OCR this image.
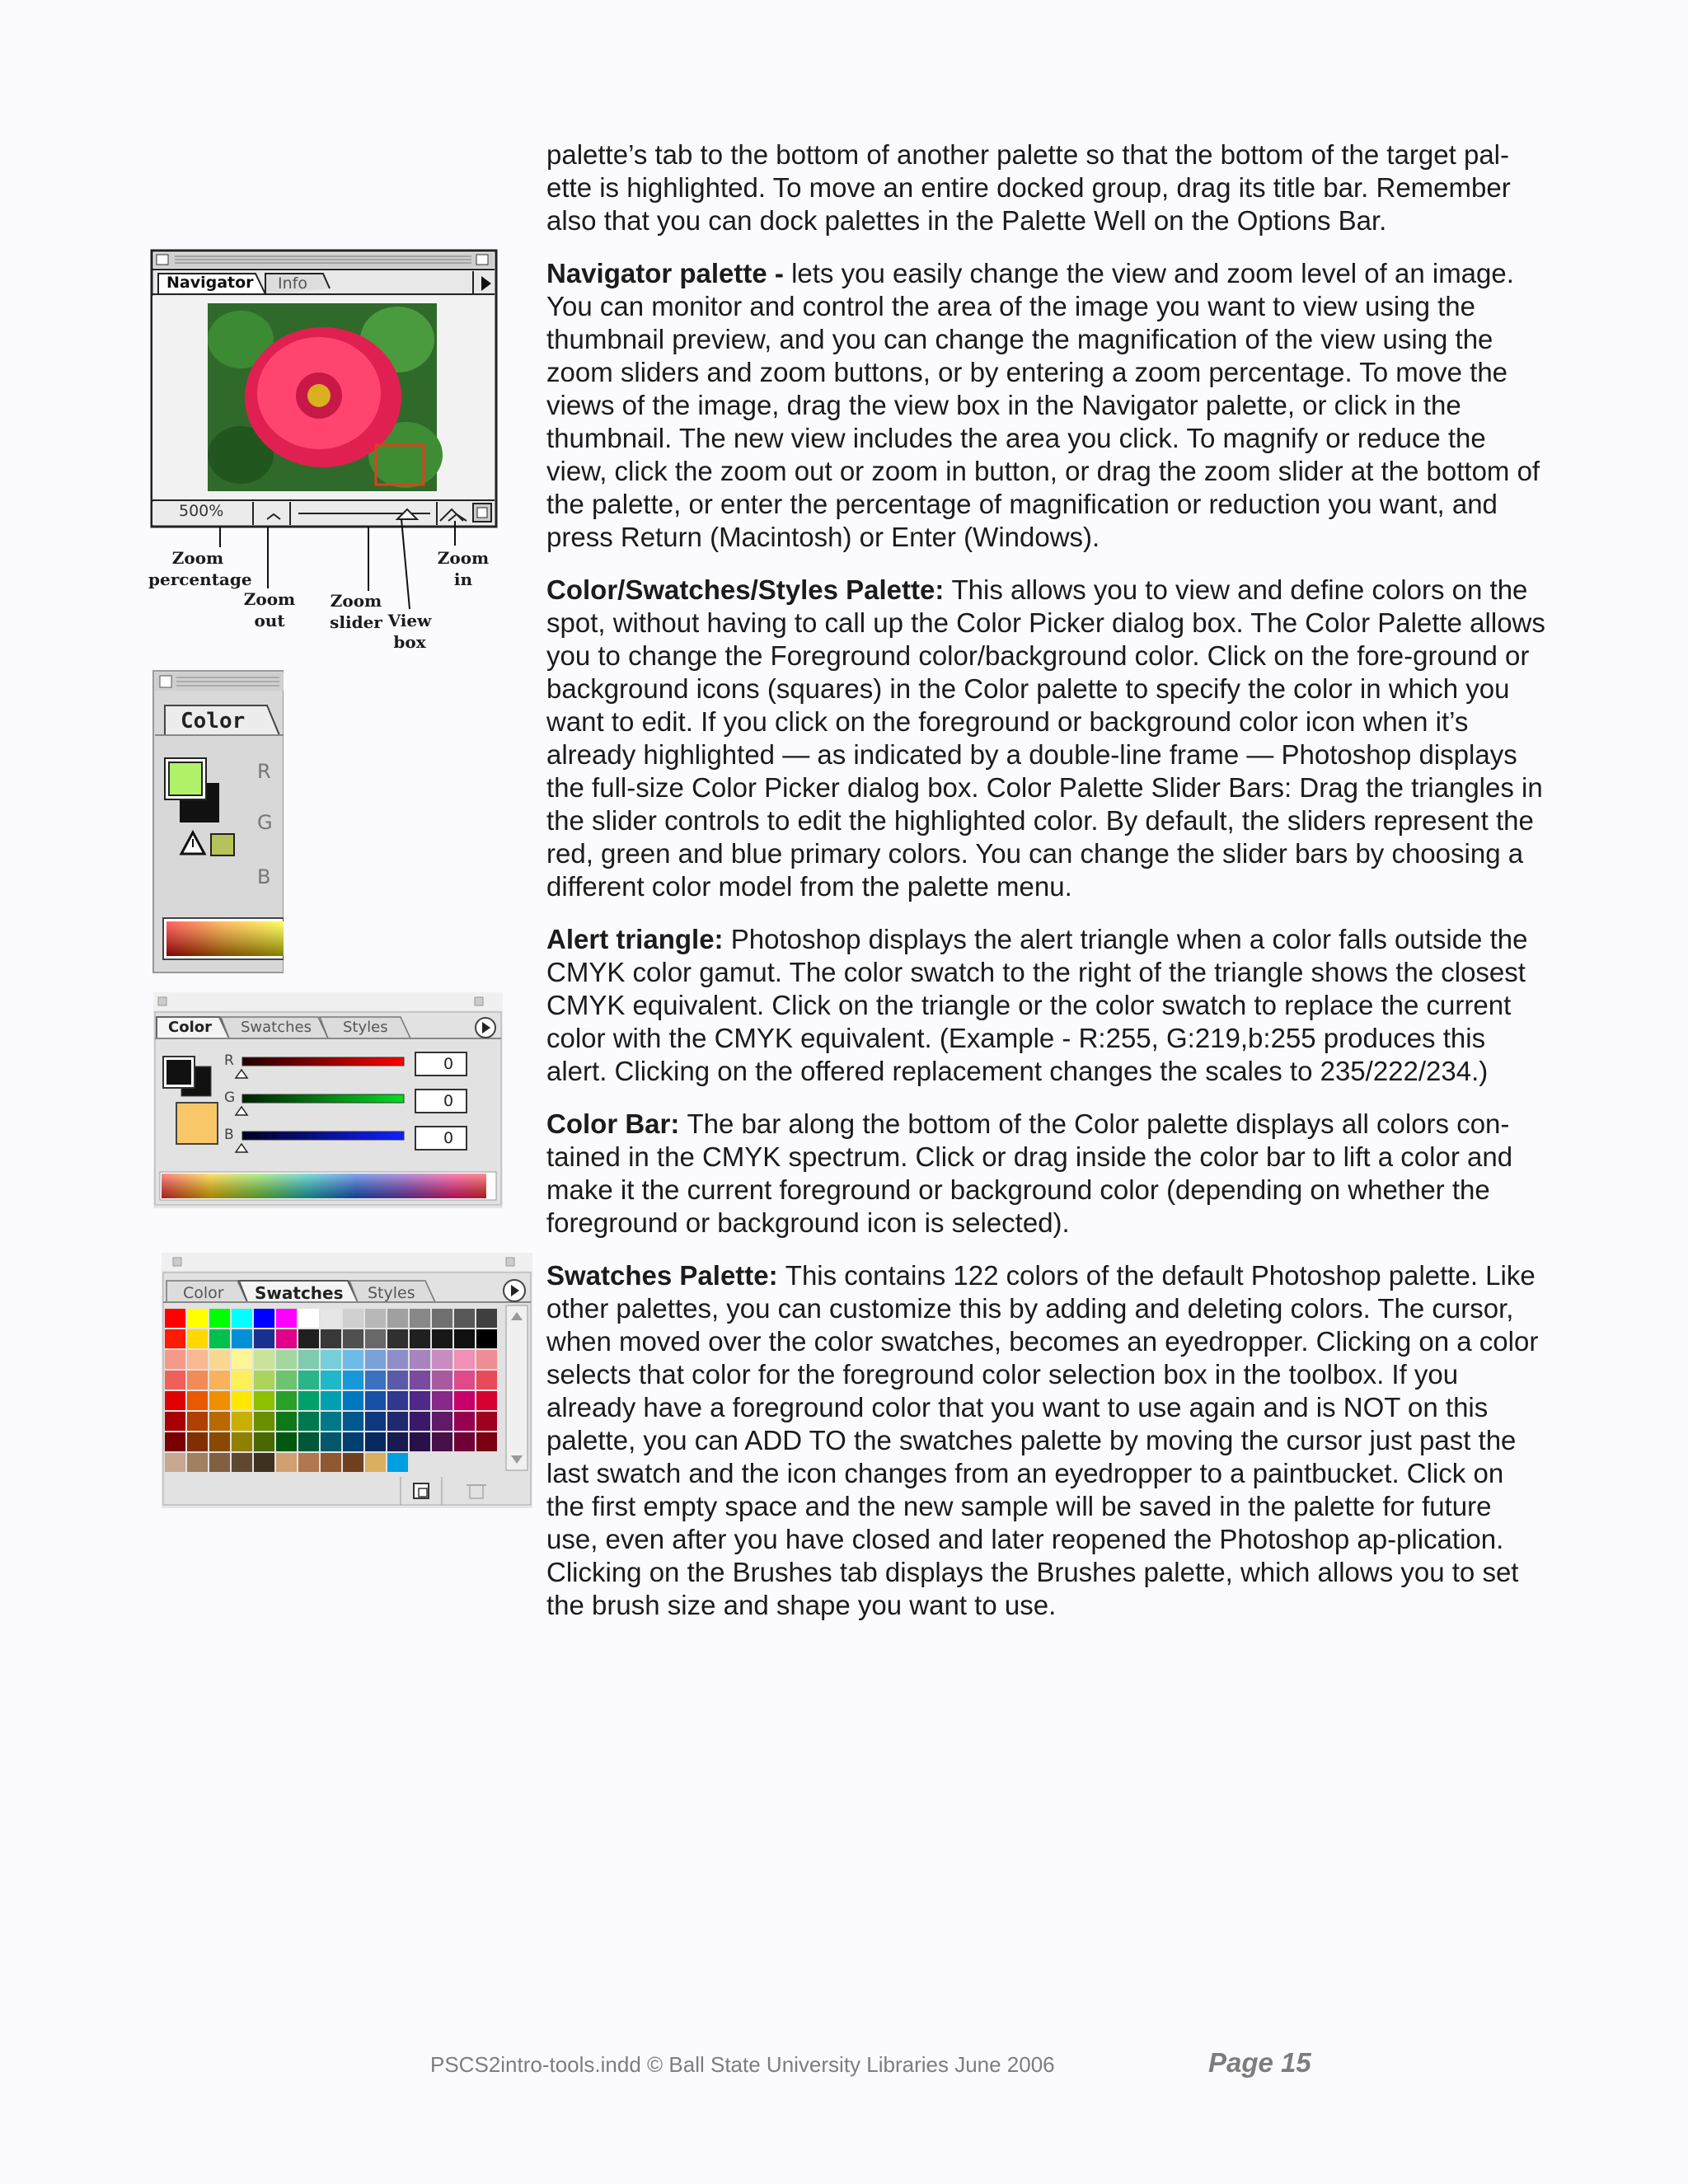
palette’s tab to the bottom of another palette so that the bottom of the target pal-ette is highlighted. To move an entire docked group, drag its title bar. Remember also that you can dock palettes in the Palette Well on the Options Bar.

Navigator palette - lets you easily change the view and zoom level of an image. You can monitor and control the area of the image you want to view using the thumbnail preview, and you can change the magnification of the view using the zoom sliders and zoom buttons, or by entering a zoom percentage. To move the views of the image, drag the view box in the Navigator palette, or click in the thumbnail. The new view includes the area you click. To magnify or reduce the view, click the zoom out or zoom in button, or drag the zoom slider at the bottom of the palette, or enter the percentage of magnification or reduction you want, and press Return (Macintosh) or Enter (Windows).

Color/Swatches/Styles Palette: This allows you to view and define colors on the spot, without having to call up the Color Picker dialog box. The Color Palette allows you to change the Foreground color/background color. Click on the fore-ground or background icons (squares) in the Color palette to specify the color in which you want to edit. If you click on the foreground or background color icon when it’s already highlighted — as indicated by a double-line frame — Photoshop displays the full-size Color Picker dialog box. Color Palette Slider Bars: Drag the triangles in the slider controls to edit the highlighted color. By default, the sliders represent the red, green and blue primary colors. You can change the slider bars by choosing a different color model from the palette menu.

Alert triangle: Photoshop displays the alert triangle when a color falls outside the CMYK color gamut. The color swatch to the right of the triangle shows the closest CMYK equivalent. Click on the triangle or the color swatch to replace the current color with the CMYK equivalent. (Example - R:255, G:219,b:255 produces this alert. Clicking on the offered replacement changes the scales to 235/222/234.)

Color Bar: The bar along the bottom of the Color palette displays all colors con-tained in the CMYK spectrum. Click or drag inside the color bar to lift a color and make it the current foreground or background color (depending on whether the foreground or background icon is selected).

Swatches Palette: This contains 122 colors of the default Photoshop palette. Like other palettes, you can customize this by adding and deleting colors. The cursor, when moved over the color swatches, becomes an eyedropper. Clicking on a color selects that color for the foreground color selection box in the toolbox. If you already have a foreground color that you want to use again and is NOT on this palette, you can ADD TO the swatches palette by moving the cursor just past the last swatch and the icon changes from an eyedropper to a paintbucket. Click on the first empty space and the new sample will be saved in the palette for future use, even after you have closed and later reopened the Photoshop ap-plication. Clicking on the Brushes tab displays the Brushes palette, which allows you to set the brush size and shape you want to use.

Navigator Info
500%
Zoom percentage
Zoom out
Zoom slider View box
Zoom in
Color
R
G
B
Color Swatches Styles
R
G
B
0
0
0
Color Swatches Styles
PSCS2intro-tools.indd © Ball State University Libraries June 2006	Page 15
